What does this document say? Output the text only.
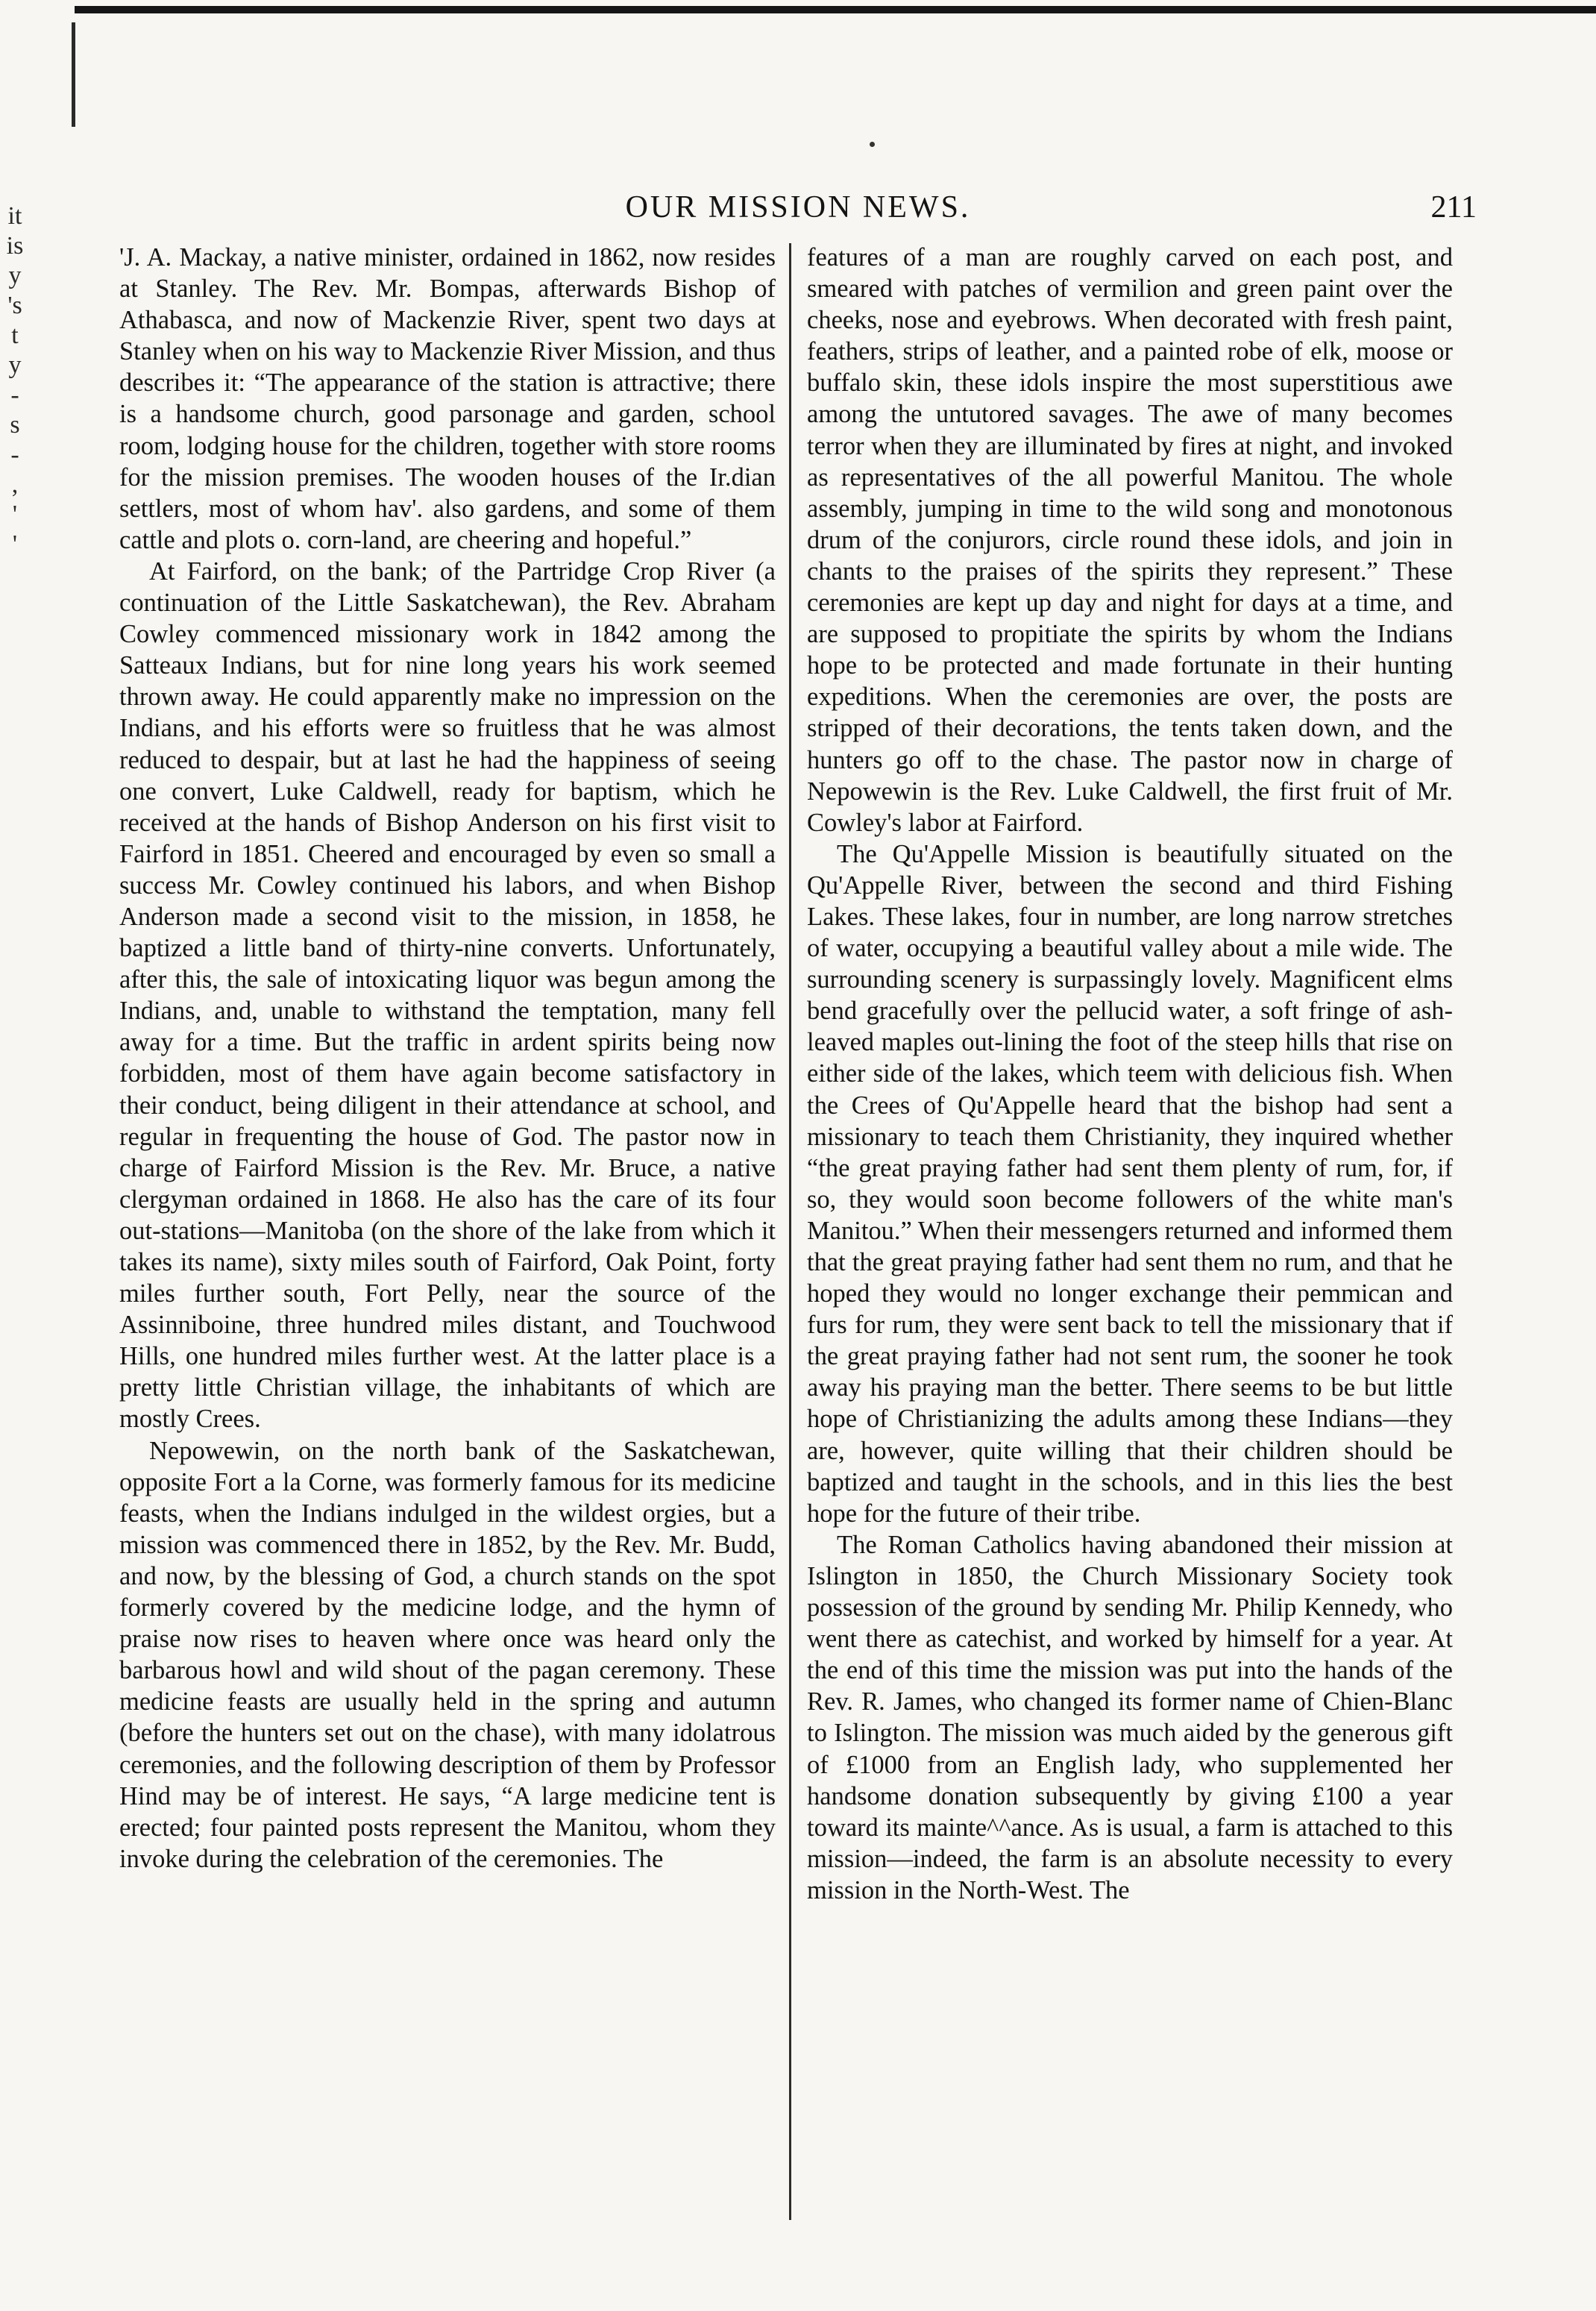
it
is
y
's
t
y
-
s
-
,
'
'
OUR MISSION NEWS.	211

'J. A. Mackay, a native minister, ordained in 1862, now resides at Stanley. The Rev. Mr. Bompas, afterwards Bishop of Athabasca, and now of Mackenzie River, spent two days at Stanley when on his way to Mackenzie River Mission, and thus describes it: “The appearance of the station is attractive; there is a handsome church, good parsonage and garden, school room, lodging house for the children, together with store rooms for the mission premises. The wooden houses of the Ir.dian settlers, most of whom hav'. also gardens, and some of them cattle and plots o. corn-land, are cheering and hopeful.”

At Fairford, on the bank; of the Partridge Crop River (a continuation of the Little Saskatchewan), the Rev. Abraham Cowley commenced missionary work in 1842 among the Satteaux Indians, but for nine long years his work seemed thrown away. He could apparently make no impression on the Indians, and his efforts were so fruitless that he was almost reduced to despair, but at last he had the happiness of seeing one convert, Luke Caldwell, ready for baptism, which he received at the hands of Bishop Anderson on his first visit to Fairford in 1851. Cheered and encouraged by even so small a success Mr. Cowley continued his labors, and when Bishop Anderson made a second visit to the mission, in 1858, he baptized a little band of thirty-nine converts. Unfortunately, after this, the sale of intoxicating liquor was begun among the Indians, and, unable to withstand the temptation, many fell away for a time. But the traffic in ardent spirits being now forbidden, most of them have again become satisfactory in their conduct, being diligent in their attendance at school, and regular in frequenting the house of God. The pastor now in charge of Fairford Mission is the Rev. Mr. Bruce, a native clergyman ordained in 1868. He also has the care of its four out-stations—Manitoba (on the shore of the lake from which it takes its name), sixty miles south of Fairford, Oak Point, forty miles further south, Fort Pelly, near the source of the Assinniboine, three hundred miles distant, and Touchwood Hills, one hundred miles further west. At the latter place is a pretty little Christian village, the inhabitants of which are mostly Crees.

Nepowewin, on the north bank of the Saskatchewan, opposite Fort a la Corne, was formerly famous for its medicine feasts, when the Indians indulged in the wildest orgies, but a mission was commenced there in 1852, by the Rev. Mr. Budd, and now, by the blessing of God, a church stands on the spot formerly covered by the medicine lodge, and the hymn of praise now rises to heaven where once was heard only the barbarous howl and wild shout of the pagan ceremony. These medicine feasts are usually held in the spring and autumn (before the hunters set out on the chase), with many idolatrous ceremonies, and the following description of them by Professor Hind may be of interest. He says, “A large medicine tent is erected; four painted posts represent the Manitou, whom they invoke during the celebration of the ceremonies. The

features of a man are roughly carved on each post, and smeared with patches of vermilion and green paint over the cheeks, nose and eyebrows. When decorated with fresh paint, feathers, strips of leather, and a painted robe of elk, moose or buffalo skin, these idols inspire the most superstitious awe among the untutored savages. The awe of many becomes terror when they are illuminated by fires at night, and invoked as representatives of the all powerful Manitou. The whole assembly, jumping in time to the wild song and monotonous drum of the conjurors, circle round these idols, and join in chants to the praises of the spirits they represent.” These ceremonies are kept up day and night for days at a time, and are supposed to propitiate the spirits by whom the Indians hope to be protected and made fortunate in their hunting expeditions. When the ceremonies are over, the posts are stripped of their decorations, the tents taken down, and the hunters go off to the chase. The pastor now in charge of Nepowewin is the Rev. Luke Caldwell, the first fruit of Mr. Cowley's labor at Fairford.

The Qu'Appelle Mission is beautifully situated on the Qu'Appelle River, between the second and third Fishing Lakes. These lakes, four in number, are long narrow stretches of water, occupying a beautiful valley about a mile wide. The surrounding scenery is surpassingly lovely. Magnificent elms bend gracefully over the pellucid water, a soft fringe of ash-leaved maples out-lining the foot of the steep hills that rise on either side of the lakes, which teem with delicious fish. When the Crees of Qu'Appelle heard that the bishop had sent a missionary to teach them Christianity, they inquired whether “the great praying father had sent them plenty of rum, for, if so, they would soon become followers of the white man's Manitou.” When their messengers returned and informed them that the great praying father had sent them no rum, and that he hoped they would no longer exchange their pemmican and furs for rum, they were sent back to tell the missionary that if the great praying father had not sent rum, the sooner he took away his praying man the better. There seems to be but little hope of Christianizing the adults among these Indians—they are, however, quite willing that their children should be baptized and taught in the schools, and in this lies the best hope for the future of their tribe.

The Roman Catholics having abandoned their mission at Islington in 1850, the Church Missionary Society took possession of the ground by sending Mr. Philip Kennedy, who went there as catechist, and worked by himself for a year. At the end of this time the mission was put into the hands of the Rev. R. James, who changed its former name of Chien-Blanc to Islington. The mission was much aided by the generous gift of £1000 from an English lady, who supplemented her handsome donation subsequently by giving £100 a year toward its mainte^^ance. As is usual, a farm is attached to this mission—indeed, the farm is an absolute necessity to every mission in the North-West. The
